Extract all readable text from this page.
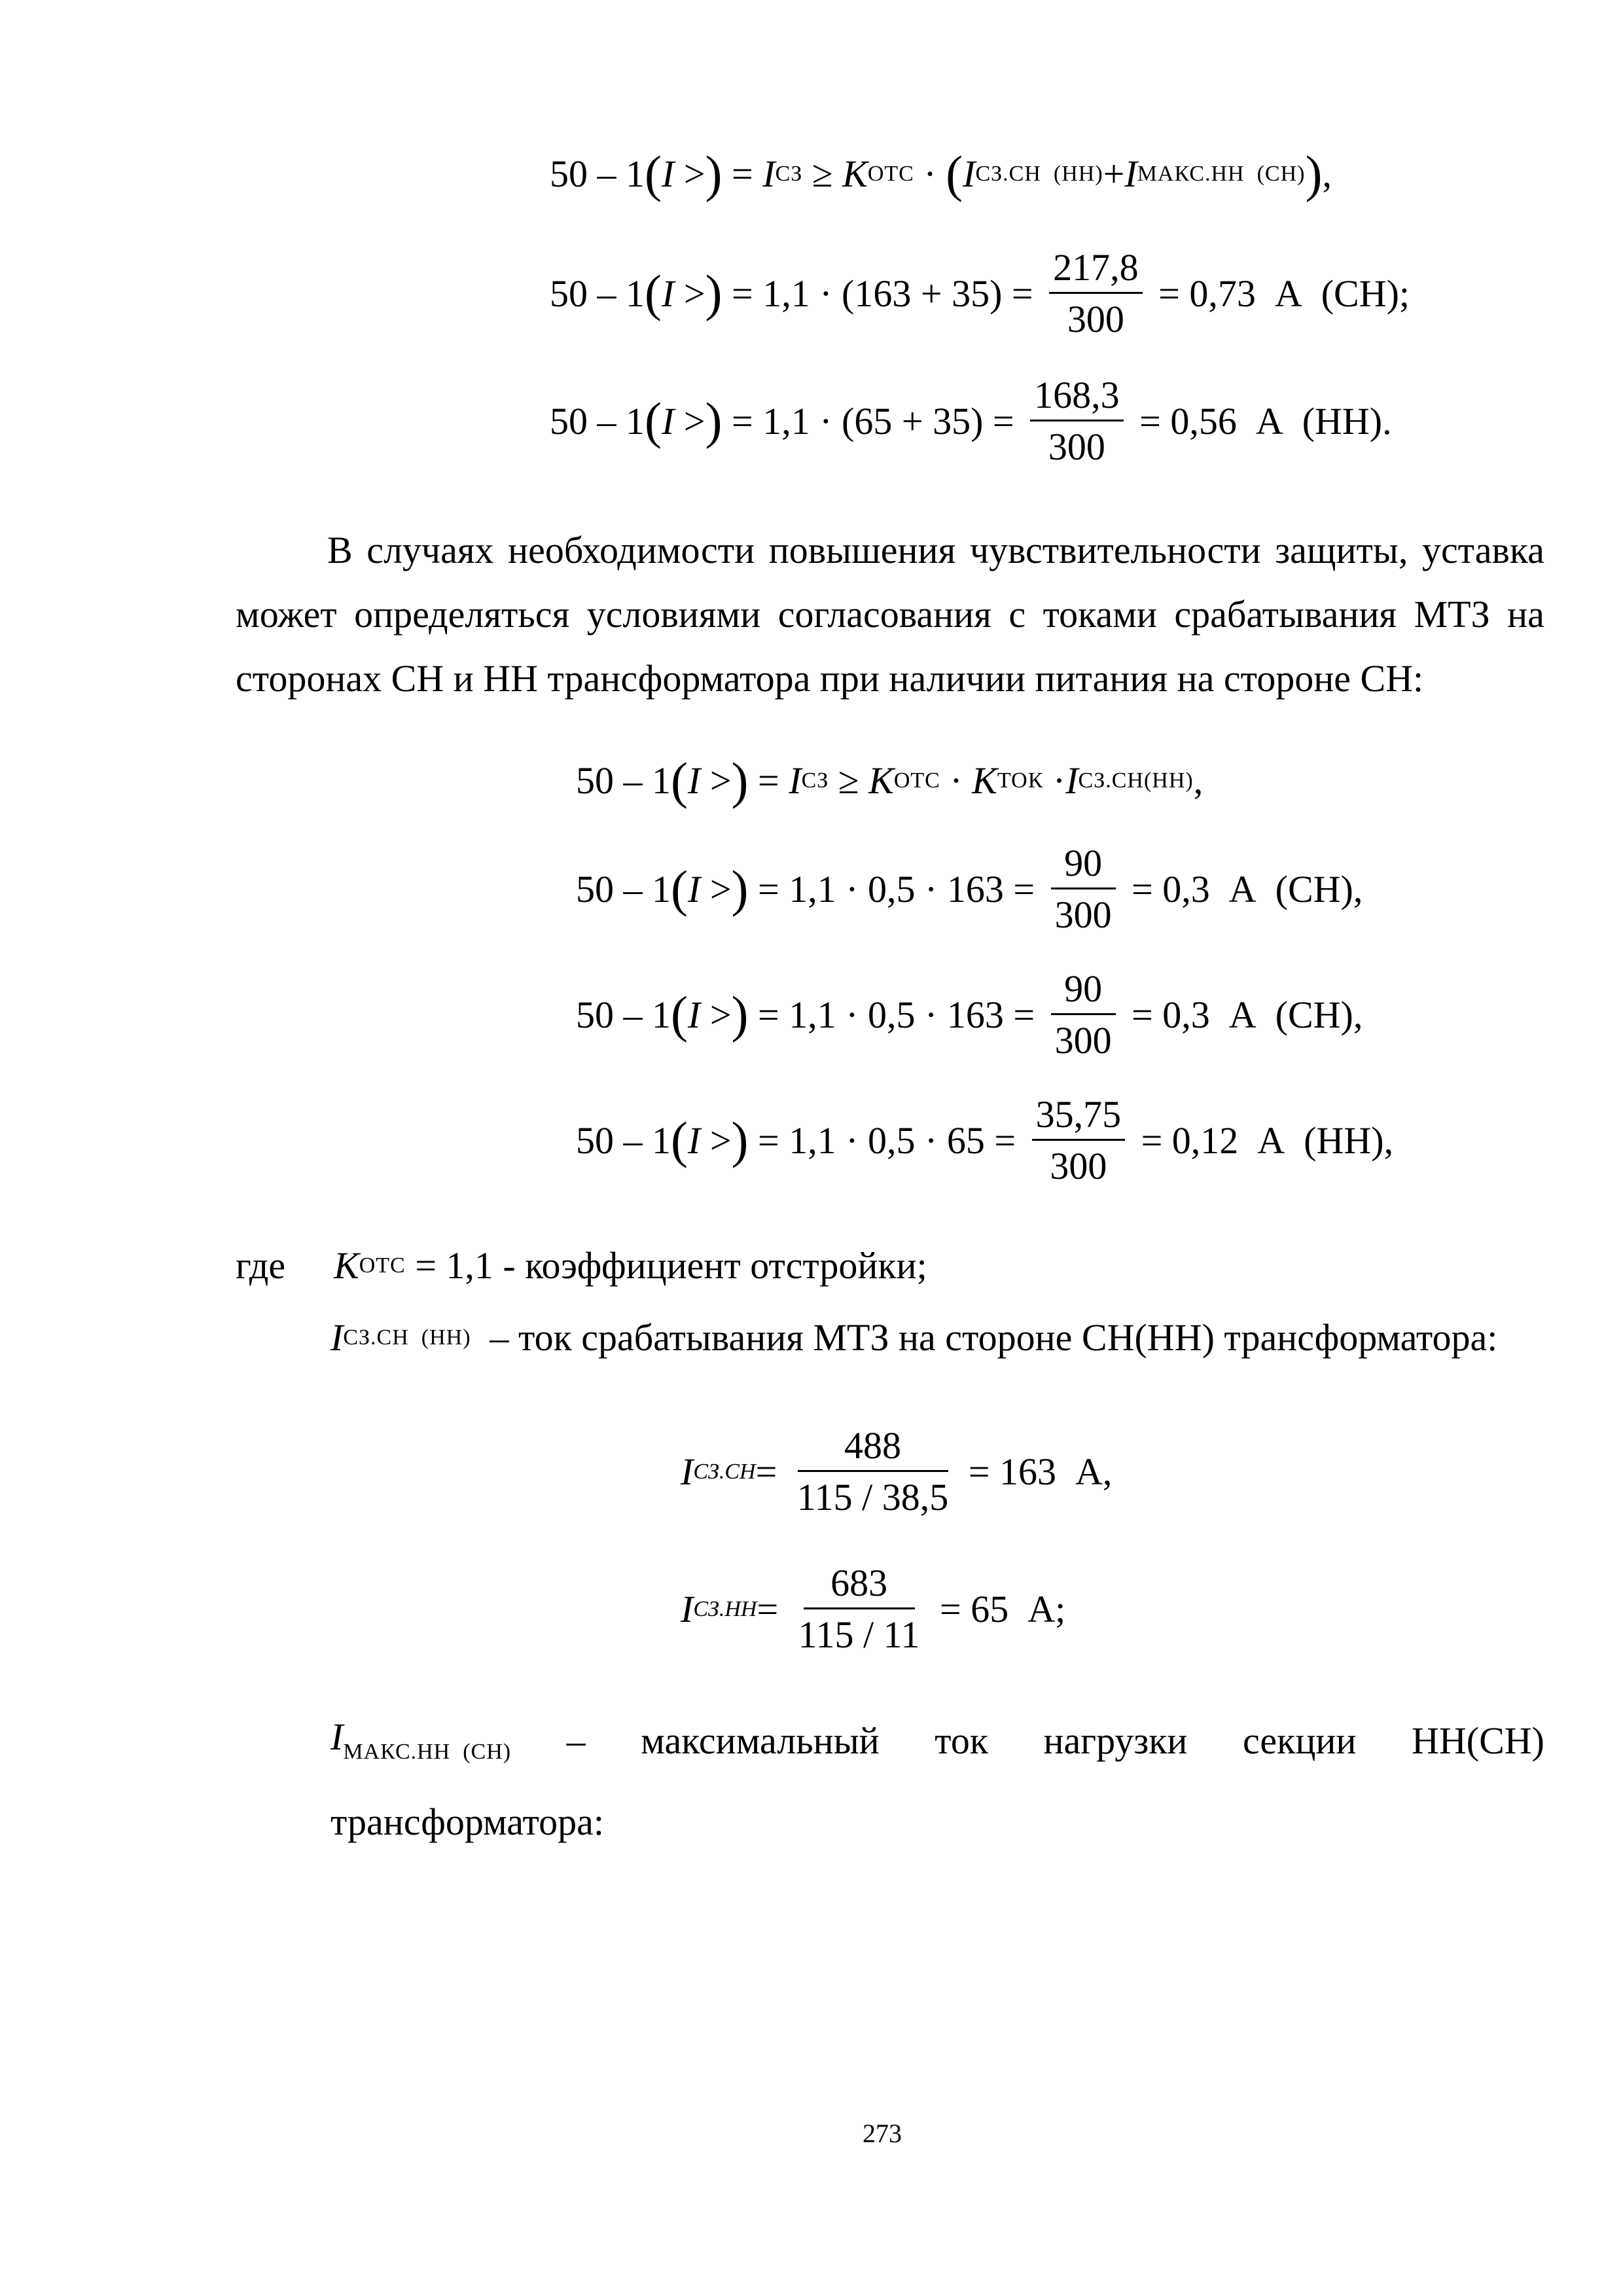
50 – 1 ( I > ) = I СЗ ≥ K ОТС · ( I СЗ.СН  (НН) + I МАКС.НН  (СН) ) ,
50 – 1 ( I > ) = $1,1 \cdot (163 + 35) = \frac{217,8}{300} = 0,73$  А  (СН);
50 – 1 ( I > ) = $1,1 \cdot (65 + 35) = \frac{168,3}{300} = 0,56$  А  (НН).
В случаях необходимости повышения чувствительности защиты, уставка
может определяться условиями согласования с токами срабатывания МТЗ на
сторонах СН и НН трансформатора при наличии питания на стороне СН:
50 – 1 ( I > ) = I СЗ ≥ K ОТС · K ТОК · I СЗ.СН(НН) ,
50 – 1 ( I > ) = $1,1 \cdot 0,5 \cdot 163 = \frac{90}{300} = 0,3$  А  (СН),
50 – 1 ( I > ) = $1,1 \cdot 0,5 \cdot 163 = \frac{90}{300} = 0,3$  А  (СН),
50 – 1 ( I > ) = $1,1 \cdot 0,5 \cdot 65 = \frac{35,75}{300} = 0,12$  А  (НН),
где	K ОТС = 1,1 - коэффициент отстройки;
I СЗ.СН  (НН) – ток срабатывания МТЗ на стороне СН(НН) трансформатора:
I $СЗ.СН = \frac{488}{115 / 38,5} = 163$  А,
I $СЗ.НН = \frac{683}{115 / 11} = 65$  А;
$I_{МАКС.НН (СН)}$ – максимальный ток нагрузки секции НН(СН)
трансформатора:
273
